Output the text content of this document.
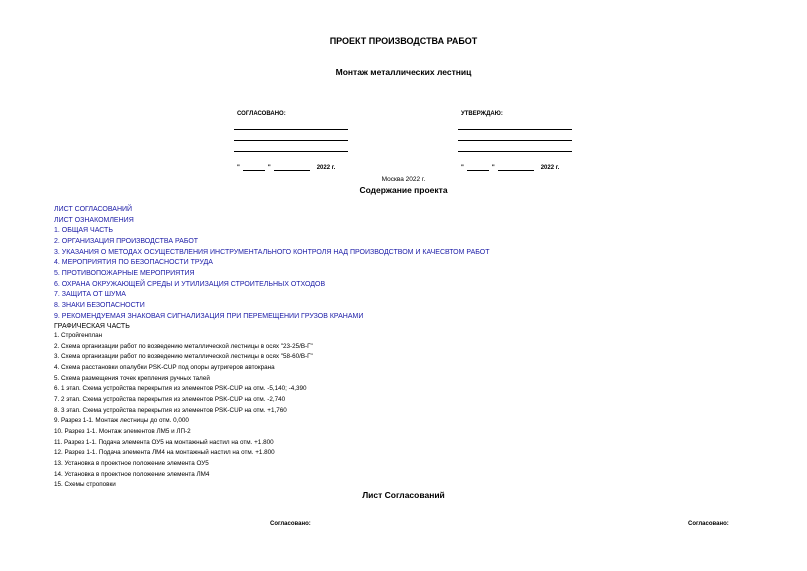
ПРОЕКТ ПРОИЗВОДСТВА РАБОТ
Монтаж металлических лестниц
СОГЛАСОВАНО:
"	"	2022 г.
УТВЕРЖДАЮ:
"	"	2022 г.
Москва 2022 г.
Содержание проекта
ЛИСТ СОГЛАСОВАНИЙ
ЛИСТ ОЗНАКОМЛЕНИЯ
1. ОБЩАЯ ЧАСТЬ
2. ОРГАНИЗАЦИЯ ПРОИЗВОДСТВА РАБОТ
3. УКАЗАНИЯ О МЕТОДАХ ОСУЩЕСТВЛЕНИЯ ИНСТРУМЕНТАЛЬНОГО КОНТРОЛЯ НАД ПРОИЗВОДСТВОМ И КАЧЕСВТОМ РАБОТ
4. МЕРОПРИЯТИЯ ПО БЕЗОПАСНОСТИ ТРУДА
5. ПРОТИВОПОЖАРНЫЕ МЕРОПРИЯТИЯ
6. ОХРАНА ОКРУЖАЮЩЕЙ СРЕДЫ И УТИЛИЗАЦИЯ СТРОИТЕЛЬНЫХ ОТХОДОВ
7. ЗАЩИТА ОТ ШУМА
8. ЗНАКИ БЕЗОПАСНОСТИ
9. РЕКОМЕНДУЕМАЯ ЗНАКОВАЯ СИГНАЛИЗАЦИЯ ПРИ ПЕРЕМЕЩЕНИИ ГРУЗОВ КРАНАМИ
ГРАФИЧЕСКАЯ ЧАСТЬ
1. Стройгенплан
2. Схема организации работ по возведению металлической лестницы в осях "23-25/В-Г"
3. Схема организации работ по возведению металлической лестницы в осях "58-60/В-Г"
4. Схема расстановки опалубки PSK-CUP под опоры аутригеров автокрана
5. Схема размещения точек крепления ручных талей
6. 1 этап. Схема устройства перекрытия из элементов PSK-CUP на отм. -5,140; -4,390
7. 2 этап. Схема устройства перекрытия из элементов PSK-CUP на отм. -2,740
8. 3 этап. Схема устройства перекрытия из элементов PSK-CUP на отм. +1,760
9. Разрез 1-1. Монтаж лестницы до отм. 0,000
10. Разрез 1-1. Монтаж элементов ЛМ5 и ЛП-2
11. Разрез 1-1. Подача элемента ОУ5 на монтажный настил на отм. +1.800
12. Разрез 1-1. Подача элемента ЛМ4 на монтажный настил на отм. +1.800
13. Установка в проектное положение элемента ОУ5
14. Установка в проектное положение элемента ЛМ4
15. Схемы строповки
Лист Согласований
Согласовано:	Согласовано:
